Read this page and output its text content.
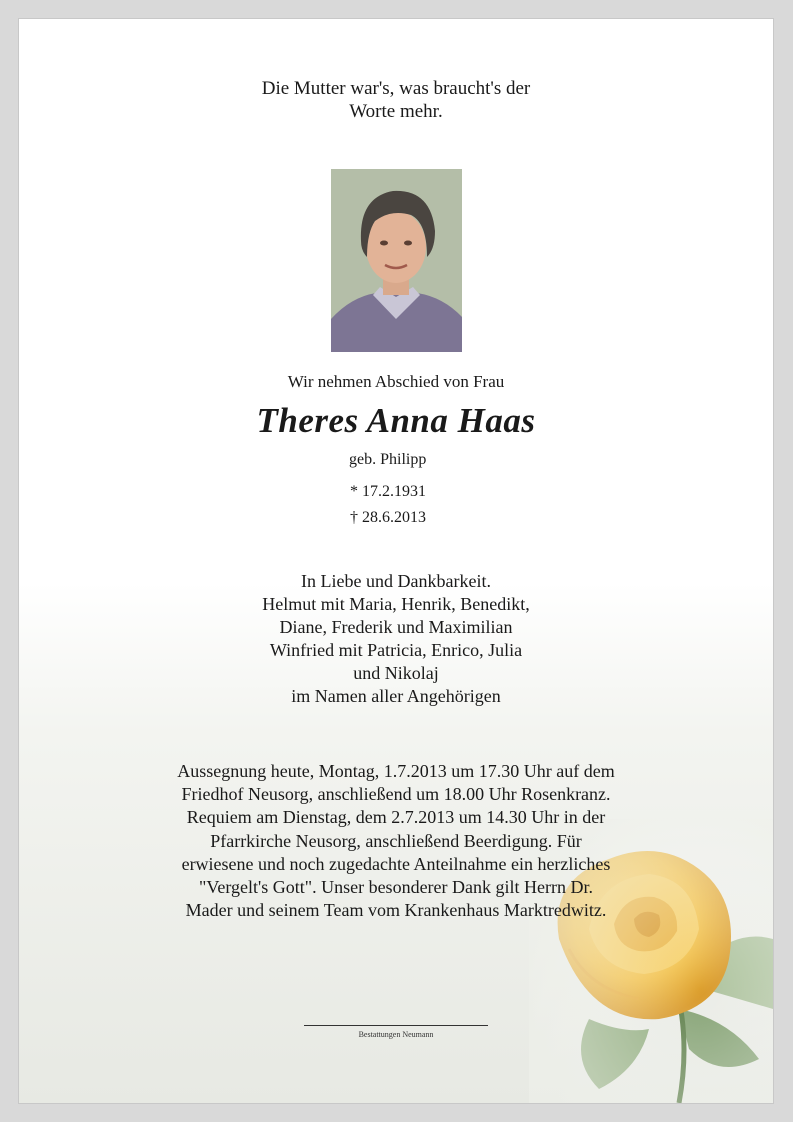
Die Mutter war's, was braucht's der
Worte mehr.
Wir nehmen Abschied von Frau
Theres Anna Haas
geb. Philipp
* 17.2.1931
† 28.6.2013
In Liebe und Dankbarkeit.
Helmut mit Maria, Henrik, Benedikt,
Diane, Frederik und Maximilian
Winfried mit Patricia, Enrico, Julia
und Nikolaj
im Namen aller Angehörigen
Aussegnung heute, Montag, 1.7.2013 um 17.30 Uhr auf dem
Friedhof Neusorg, anschließend um 18.00 Uhr Rosenkranz.
Requiem am Dienstag, dem 2.7.2013 um 14.30 Uhr in der
Pfarrkirche Neusorg, anschließend Beerdigung. Für
erwiesene und noch zugedachte Anteilnahme ein herzliches
"Vergelt's Gott". Unser besonderer Dank gilt Herrn Dr.
Mader und seinem Team vom Krankenhaus Marktredwitz.
Bestattungen Neumann
